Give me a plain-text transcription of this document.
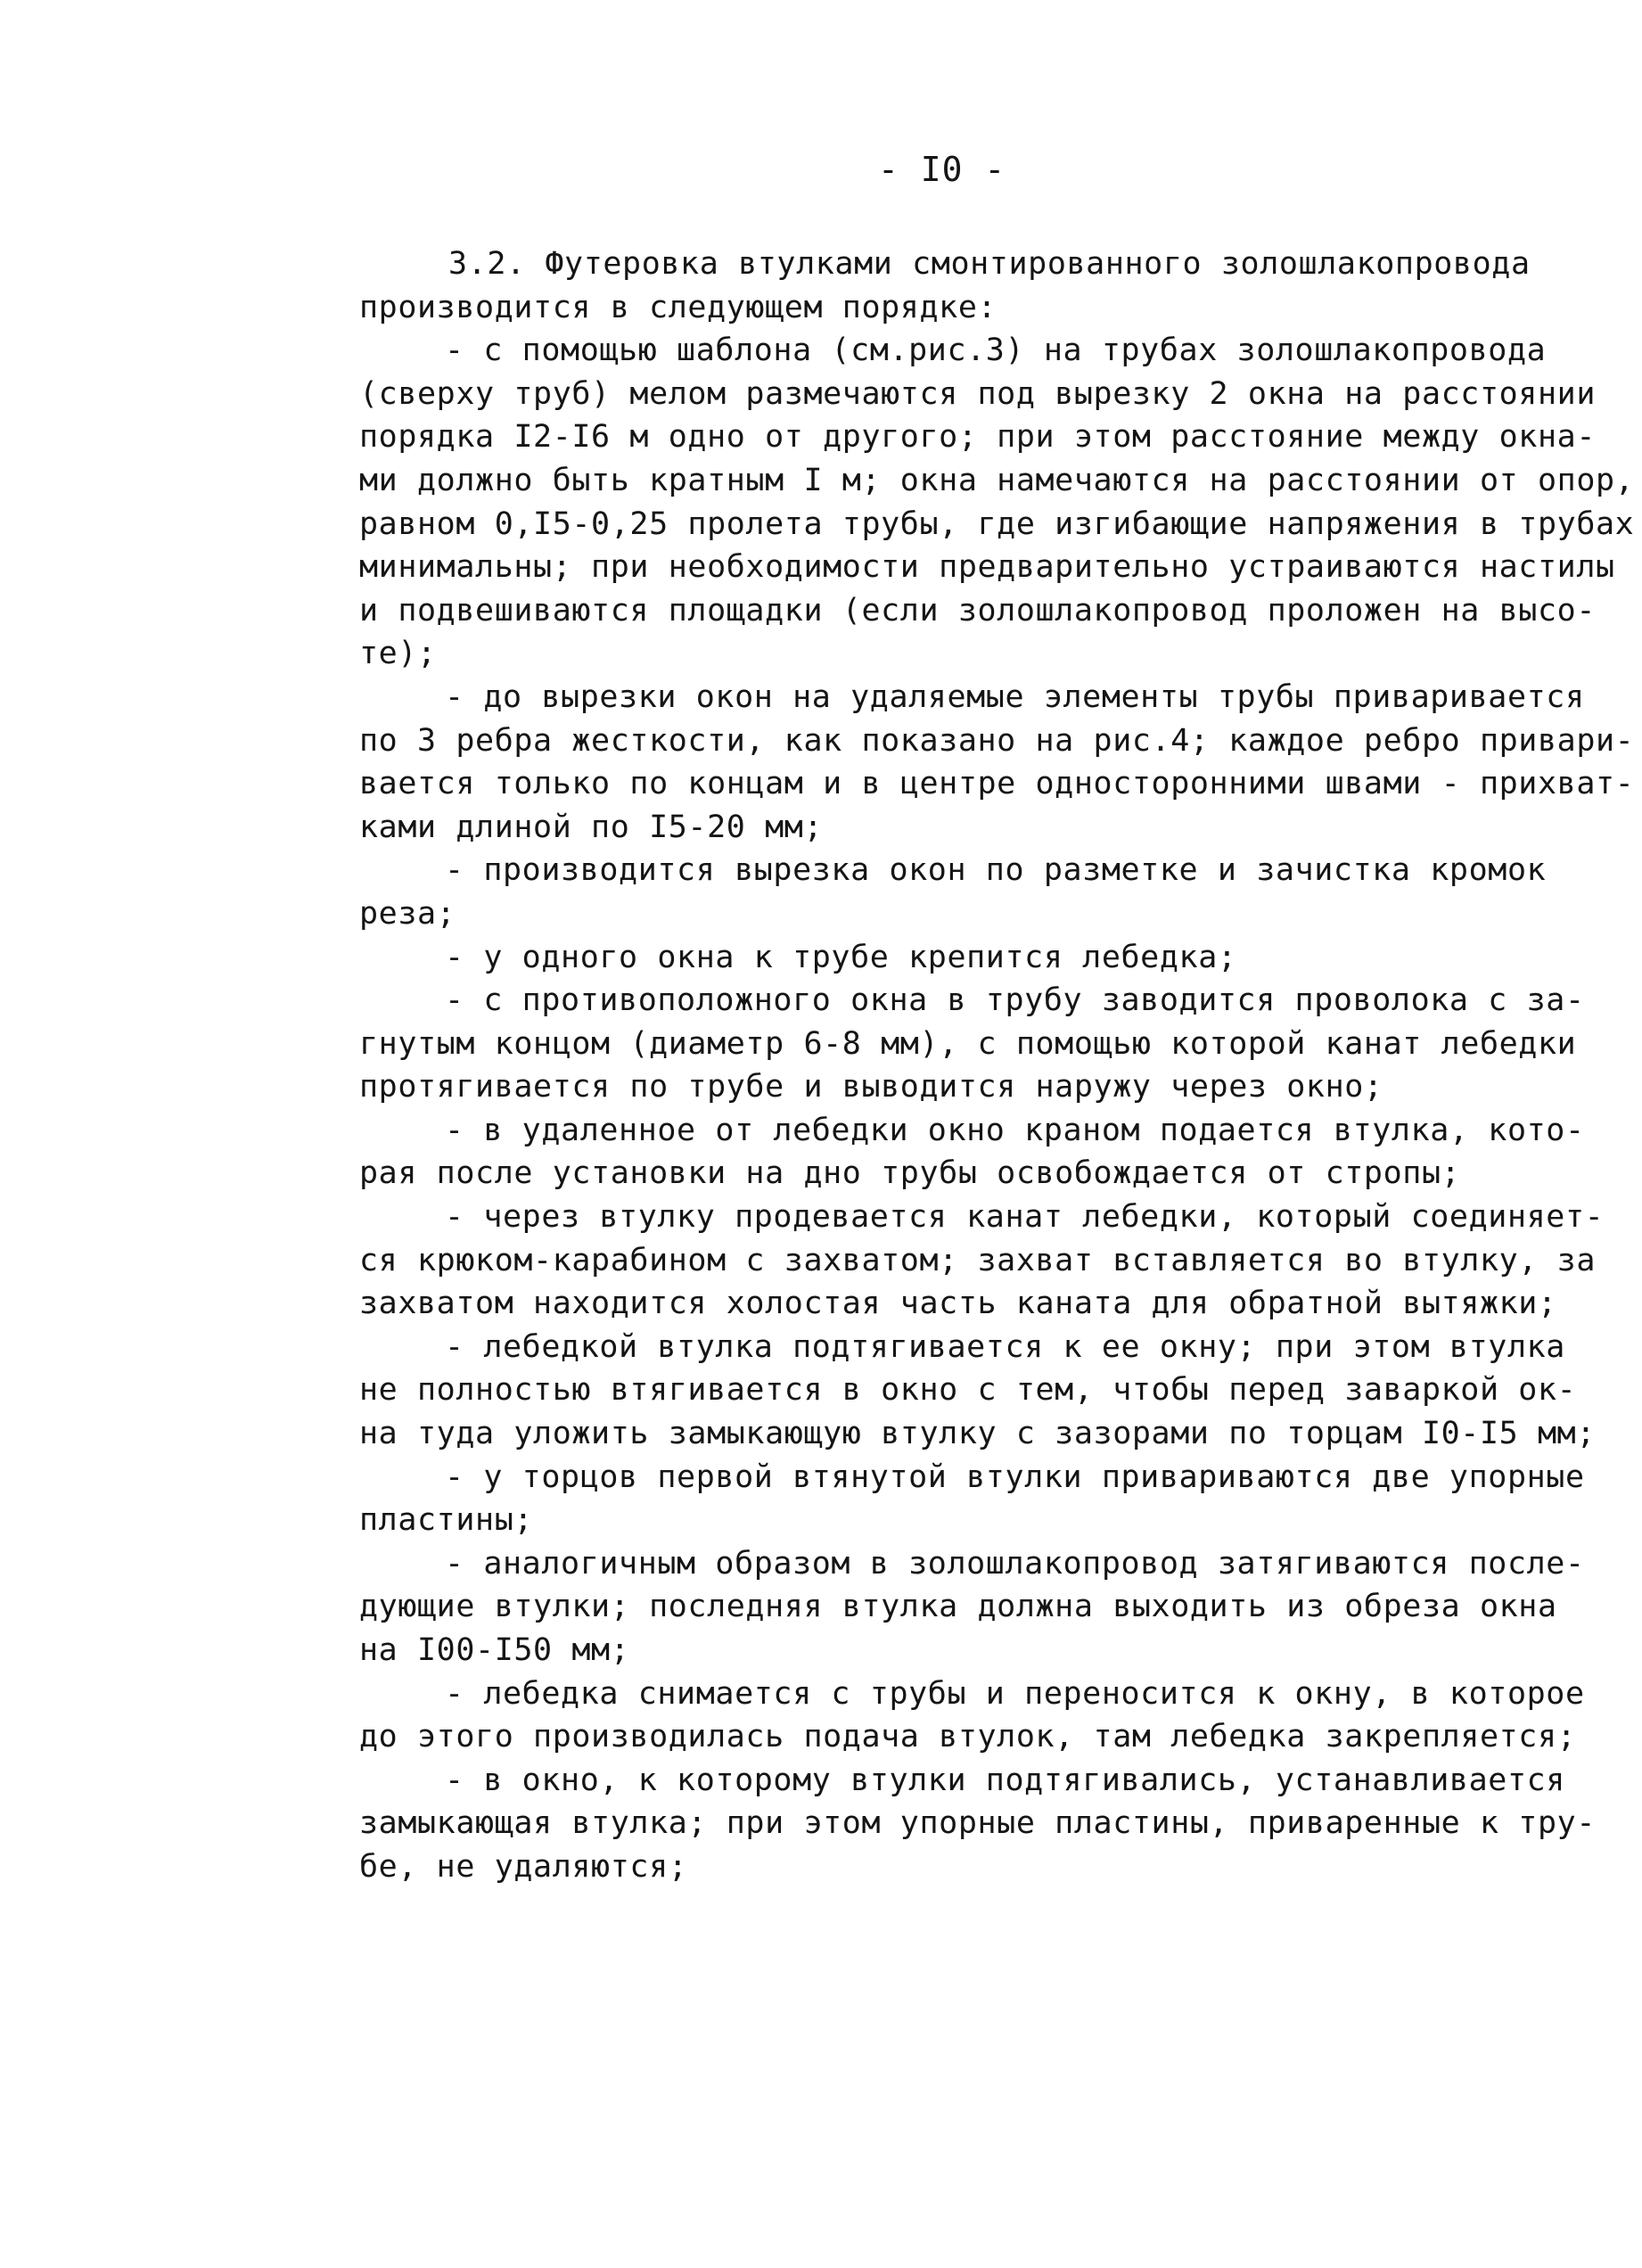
- I0 -
3.2. Футеровка втулками смонтированного золошлакопровода
производится в следующем порядке:
- с помощью шаблона (см.рис.3) на трубах золошлакопровода
(сверху труб) мелом размечаются под вырезку 2 окна на расстоянии
порядка I2-I6 м одно от другого; при этом расстояние между окна-
ми должно быть кратным I м; окна намечаются на расстоянии от опор,
равном 0,I5-0,25 пролета трубы, где изгибающие напряжения в трубах
минимальны; при необходимости предварительно устраиваются настилы
и подвешиваются площадки (если золошлакопровод проложен на высо-
те);
- до вырезки окон на удаляемые элементы трубы приваривается
по 3 ребра жесткости, как показано на рис.4; каждое ребро привари-
вается только по концам и в центре односторонними швами - прихват-
ками длиной по I5-20 мм;
- производится вырезка окон по разметке и зачистка кромок
реза;
- у одного окна к трубе крепится лебедка;
- с противоположного окна в трубу заводится проволока с за-
гнутым концом (диаметр 6-8 мм), с помощью которой канат лебедки
протягивается по трубе и выводится наружу через окно;
- в удаленное от лебедки окно краном подается втулка, кото-
рая после установки на дно трубы освобождается от стропы;
- через втулку продевается канат лебедки, который соединяет-
ся крюком-карабином с захватом; захват вставляется во втулку, за
захватом находится холостая часть каната для обратной вытяжки;
- лебедкой втулка подтягивается к ее окну; при этом втулка
не полностью втягивается в окно с тем, чтобы перед заваркой ок-
на туда уложить замыкающую втулку с зазорами по торцам I0-I5 мм;
- у торцов первой втянутой втулки привариваются две упорные
пластины;
- аналогичным образом в золошлакопровод затягиваются после-
дующие втулки; последняя втулка должна выходить из обреза окна
на I00-I50 мм;
- лебедка снимается с трубы и переносится к окну, в которое
до этого производилась подача втулок, там лебедка закрепляется;
- в окно, к которому втулки подтягивались, устанавливается
замыкающая втулка; при этом упорные пластины, приваренные к тру-
бе, не удаляются;
